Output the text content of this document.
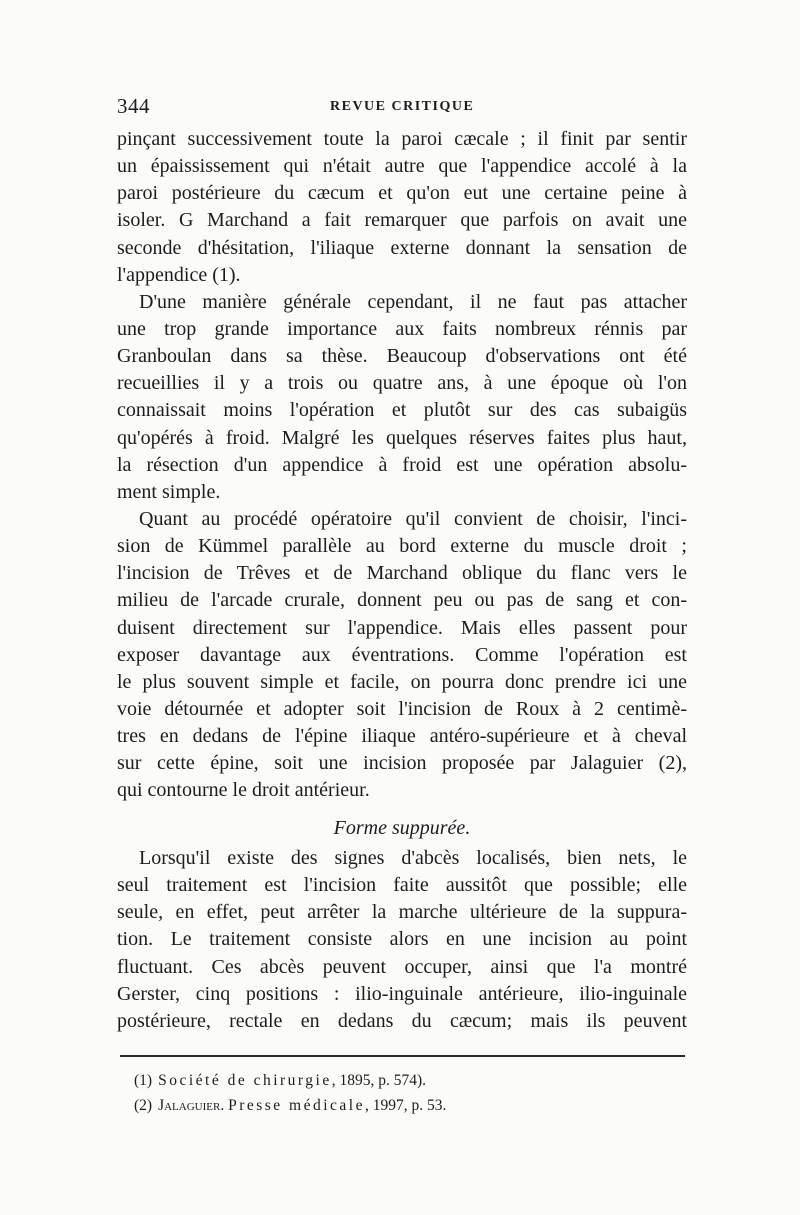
344	REVUE CRITIQUE
pinçant successivement toute la paroi cæcale ; il finit par sentir
un épaississement qui n'était autre que l'appendice accolé à la
paroi postérieure du cæcum et qu'on eut une certaine peine à
isoler. G Marchand a fait remarquer que parfois on avait une
seconde d'hésitation, l'iliaque externe donnant la sensation de
l'appendice (1).
D'une manière générale cependant, il ne faut pas attacher
une trop grande importance aux faits nombreux rénnis par
Granboulan dans sa thèse. Beaucoup d'observations ont été
recueillies il y a trois ou quatre ans, à une époque où l'on
connaissait moins l'opération et plutôt sur des cas subaigüs
qu'opérés à froid. Malgré les quelques réserves faites plus haut,
la résection d'un appendice à froid est une opération absolu-
ment simple.
Quant au procédé opératoire qu'il convient de choisir, l'inci-
sion de Kümmel parallèle au bord externe du muscle droit ;
l'incision de Trêves et de Marchand oblique du flanc vers le
milieu de l'arcade crurale, donnent peu ou pas de sang et con-
duisent directement sur l'appendice. Mais elles passent pour
exposer davantage aux éventrations. Comme l'opération est
le plus souvent simple et facile, on pourra donc prendre ici une
voie détournée et adopter soit l'incision de Roux à 2 centimè-
tres en dedans de l'épine iliaque antéro-supérieure et à cheval
sur cette épine, soit une incision proposée par Jalaguier (2),
qui contourne le droit antérieur.
Forme suppurée.
Lorsqu'il existe des signes d'abcès localisés, bien nets, le
seul traitement est l'incision faite aussitôt que possible; elle
seule, en effet, peut arrêter la marche ultérieure de la suppura-
tion. Le traitement consiste alors en une incision au point
fluctuant. Ces abcès peuvent occuper, ainsi que l'a montré
Gerster, cinq positions : ilio-inguinale antérieure, ilio-inguinale
postérieure, rectale en dedans du cæcum; mais ils peuvent
(1) Société de chirurgie, 1895, p. 574).
(2) Jalaguier. Presse médicale, 1997, p. 53.
